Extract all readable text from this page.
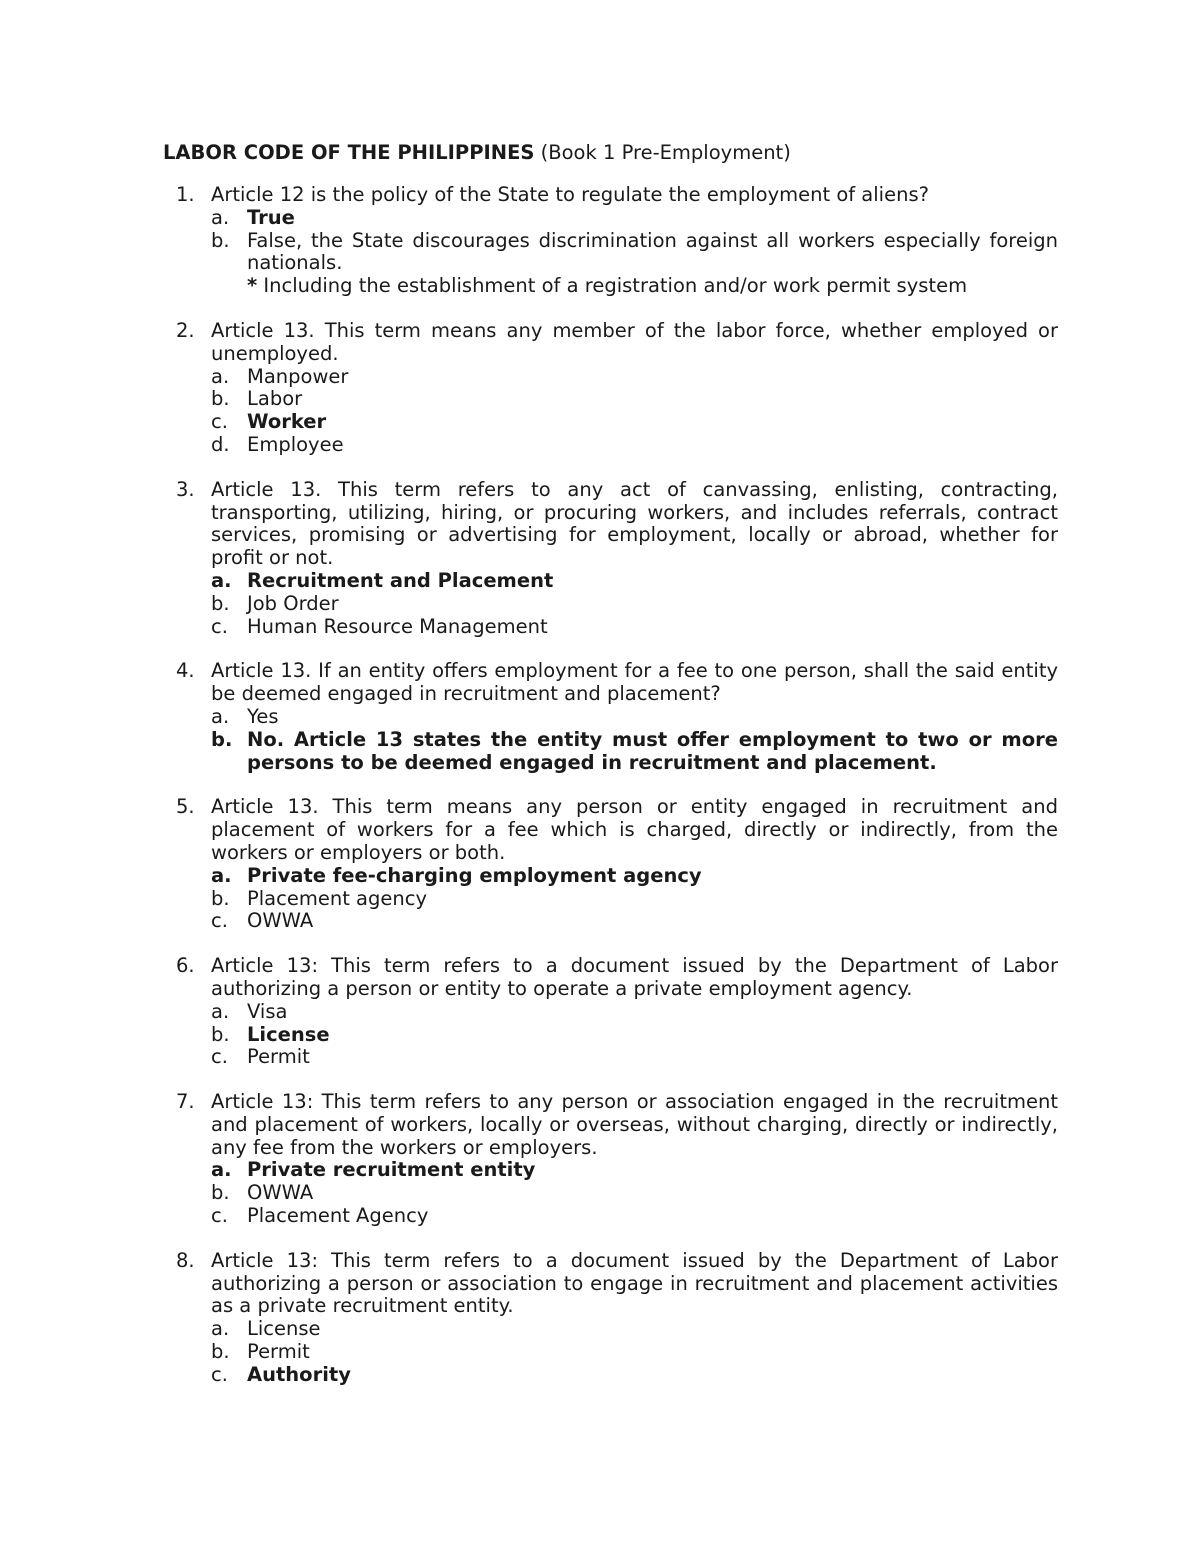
LABOR CODE OF THE PHILIPPINES (Book 1 Pre-Employment)
1. Article 12 is the policy of the State to regulate the employment of aliens?

a. True
b. False, the State discourages discrimination against all workers especially foreign nationals.
* Including the establishment of a registration and/or work permit system
2. Article 13. This term means any member of the labor force, whether employed or unemployed.

a. Manpower
b. Labor
c. Worker
d. Employee
3. Article 13. This term refers to any act of canvassing, enlisting, contracting, transporting, utilizing, hiring, or procuring workers, and includes referrals, contract services, promising or advertising for employment, locally or abroad, whether for profit or not.

a. Recruitment and Placement
b. Job Order
c. Human Resource Management
4. Article 13. If an entity offers employment for a fee to one person, shall the said entity be deemed engaged in recruitment and placement?

a. Yes
b. No. Article 13 states the entity must offer employment to two or more persons to be deemed engaged in recruitment and placement.
5. Article 13. This term means any person or entity engaged in recruitment and placement of workers for a fee which is charged, directly or indirectly, from the workers or employers or both.

a. Private fee-charging employment agency
b. Placement agency
c. OWWA
6. Article 13: This term refers to a document issued by the Department of Labor authorizing a person or entity to operate a private employment agency.

a. Visa
b. License
c. Permit
7. Article 13: This term refers to any person or association engaged in the recruitment and placement of workers, locally or overseas, without charging, directly or indirectly, any fee from the workers or employers.

a. Private recruitment entity
b. OWWA
c. Placement Agency
8. Article 13: This term refers to a document issued by the Department of Labor authorizing a person or association to engage in recruitment and placement activities as a private recruitment entity.

a. License
b. Permit
c. Authority
